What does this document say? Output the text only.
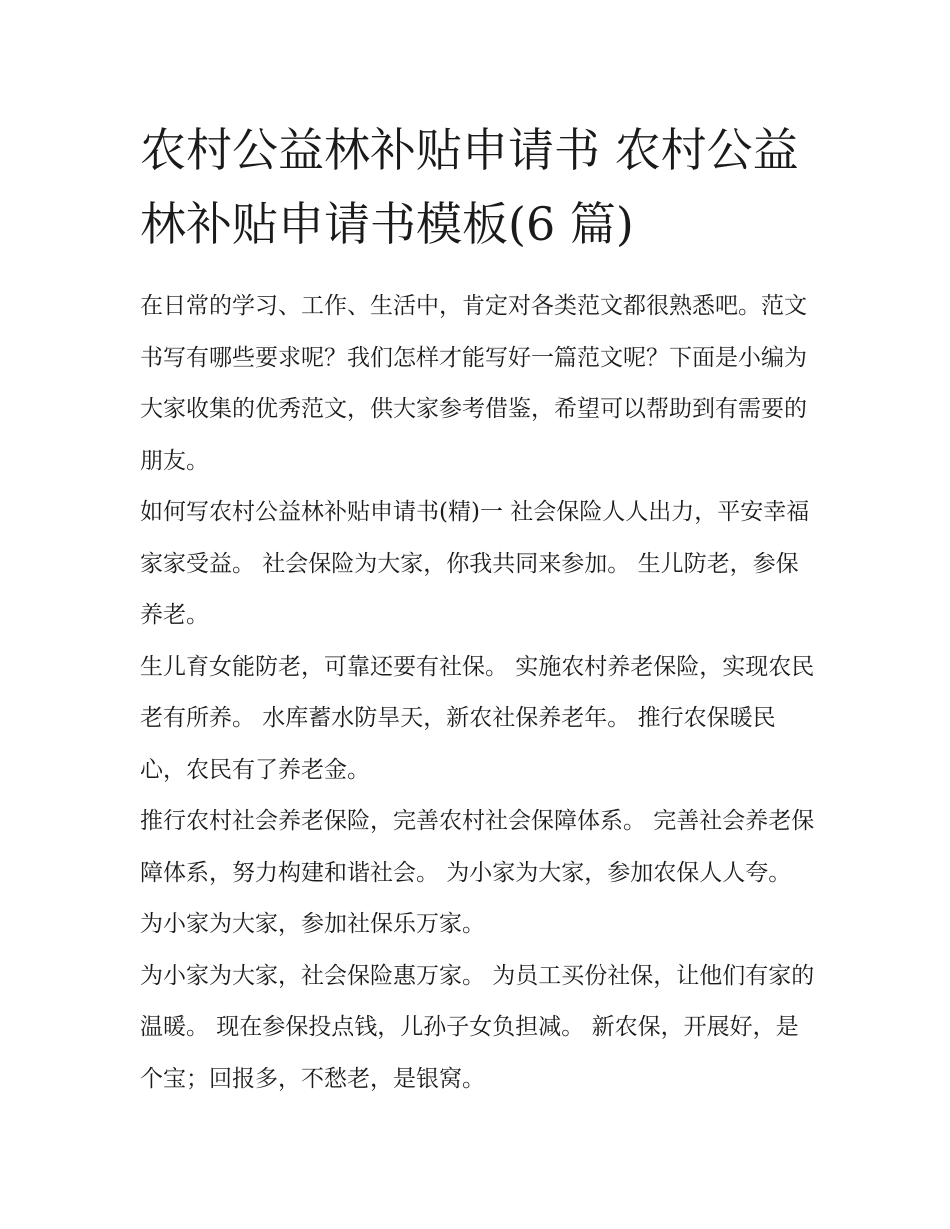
农村公益林补贴申请书 农村公益林补贴申请书模板(6 篇)

在日常的学习、工作、生活中，肯定对各类范文都很熟悉吧。范文书写有哪些要求呢？我们怎样才能写好一篇范文呢？下面是小编为大家收集的优秀范文，供大家参考借鉴，希望可以帮助到有需要的朋友。

如何写农村公益林补贴申请书(精)一 社会保险人人出力，平安幸福家家受益。 社会保险为大家，你我共同来参加。 生儿防老，参保养老。

生儿育女能防老，可靠还要有社保。 实施农村养老保险，实现农民老有所养。 水库蓄水防旱天，新农社保养老年。 推行农保暖民心，农民有了养老金。

推行农村社会养老保险，完善农村社会保障体系。 完善社会养老保障体系，努力构建和谐社会。 为小家为大家，参加农保人人夸。 为小家为大家，参加社保乐万家。

为小家为大家，社会保险惠万家。 为员工买份社保，让他们有家的温暖。 现在参保投点钱，儿孙子女负担减。 新农保，开展好，是个宝；回报多，不愁老，是银窝。
